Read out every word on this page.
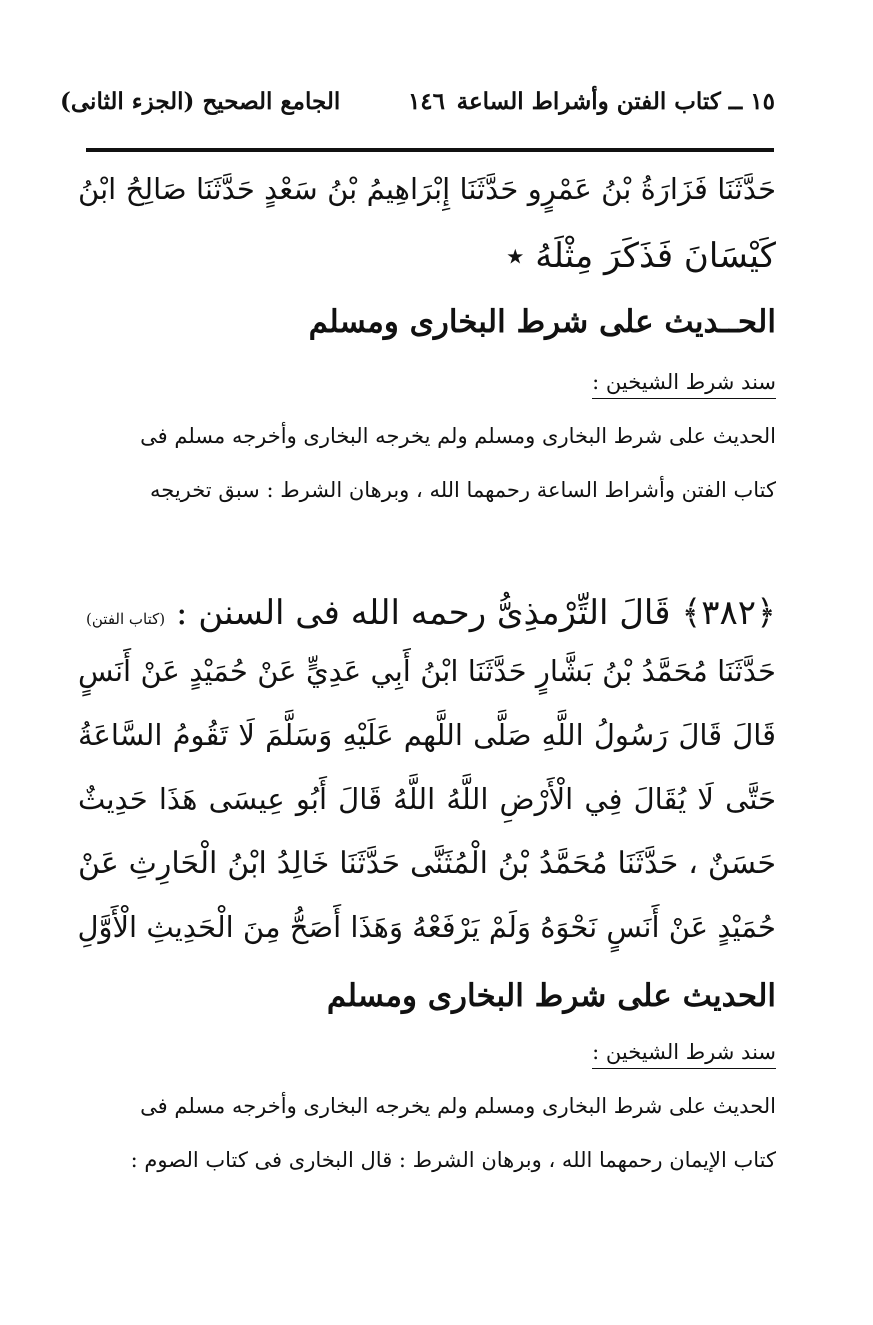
١٥ ــ كتاب الفتن وأشراط الساعة
١٤٦
الجامع الصحيح (الجزء الثانى)
حَدَّثَنَا فَزَارَةُ بْنُ عَمْرٍو حَدَّثَنَا إِبْرَاهِيمُ بْنُ سَعْدٍ حَدَّثَنَا صَالِحُ ابْنُ
كَيْسَانَ فَذَكَرَ مِثْلَهُ ٭
الحــديث على شرط البخارى ومسلم
سند شرط الشيخين :
الحديث على شرط البخارى ومسلم ولم يخرجه البخارى وأخرجه مسلم فى
كتاب الفتن وأشراط الساعة رحمهما الله ، وبرهان الشرط : سبق تخريجه
﴿٣٨٢﴾ قَالَ التِّرْمذِىُّ رحمه الله فى السنن : (كتاب الفتن)
حَدَّثَنَا مُحَمَّدُ بْنُ بَشَّارٍ حَدَّثَنَا ابْنُ أَبِي عَدِيٍّ عَنْ حُمَيْدٍ عَنْ أَنَسٍ
قَالَ قَالَ رَسُولُ اللَّهِ صَلَّى اللَّهم عَلَيْهِ وَسَلَّمَ لَا تَقُومُ السَّاعَةُ
حَتَّى لَا يُقَالَ فِي الْأَرْضِ اللَّهُ اللَّهُ قَالَ أَبُو عِيسَى هَذَا حَدِيثٌ
حَسَنٌ ، حَدَّثَنَا مُحَمَّدُ بْنُ الْمُثَنَّى حَدَّثَنَا خَالِدُ ابْنُ الْحَارِثِ عَنْ
حُمَيْدٍ عَنْ أَنَسٍ نَحْوَهُ وَلَمْ يَرْفَعْهُ وَهَذَا أَصَحُّ مِنَ الْحَدِيثِ الْأَوَّلِ
الحديث على شرط البخارى ومسلم
سند شرط الشيخين :
الحديث على شرط البخارى ومسلم ولم يخرجه البخارى وأخرجه مسلم فى
كتاب الإيمان رحمهما الله ، وبرهان الشرط : قال البخارى فى كتاب الصوم :
